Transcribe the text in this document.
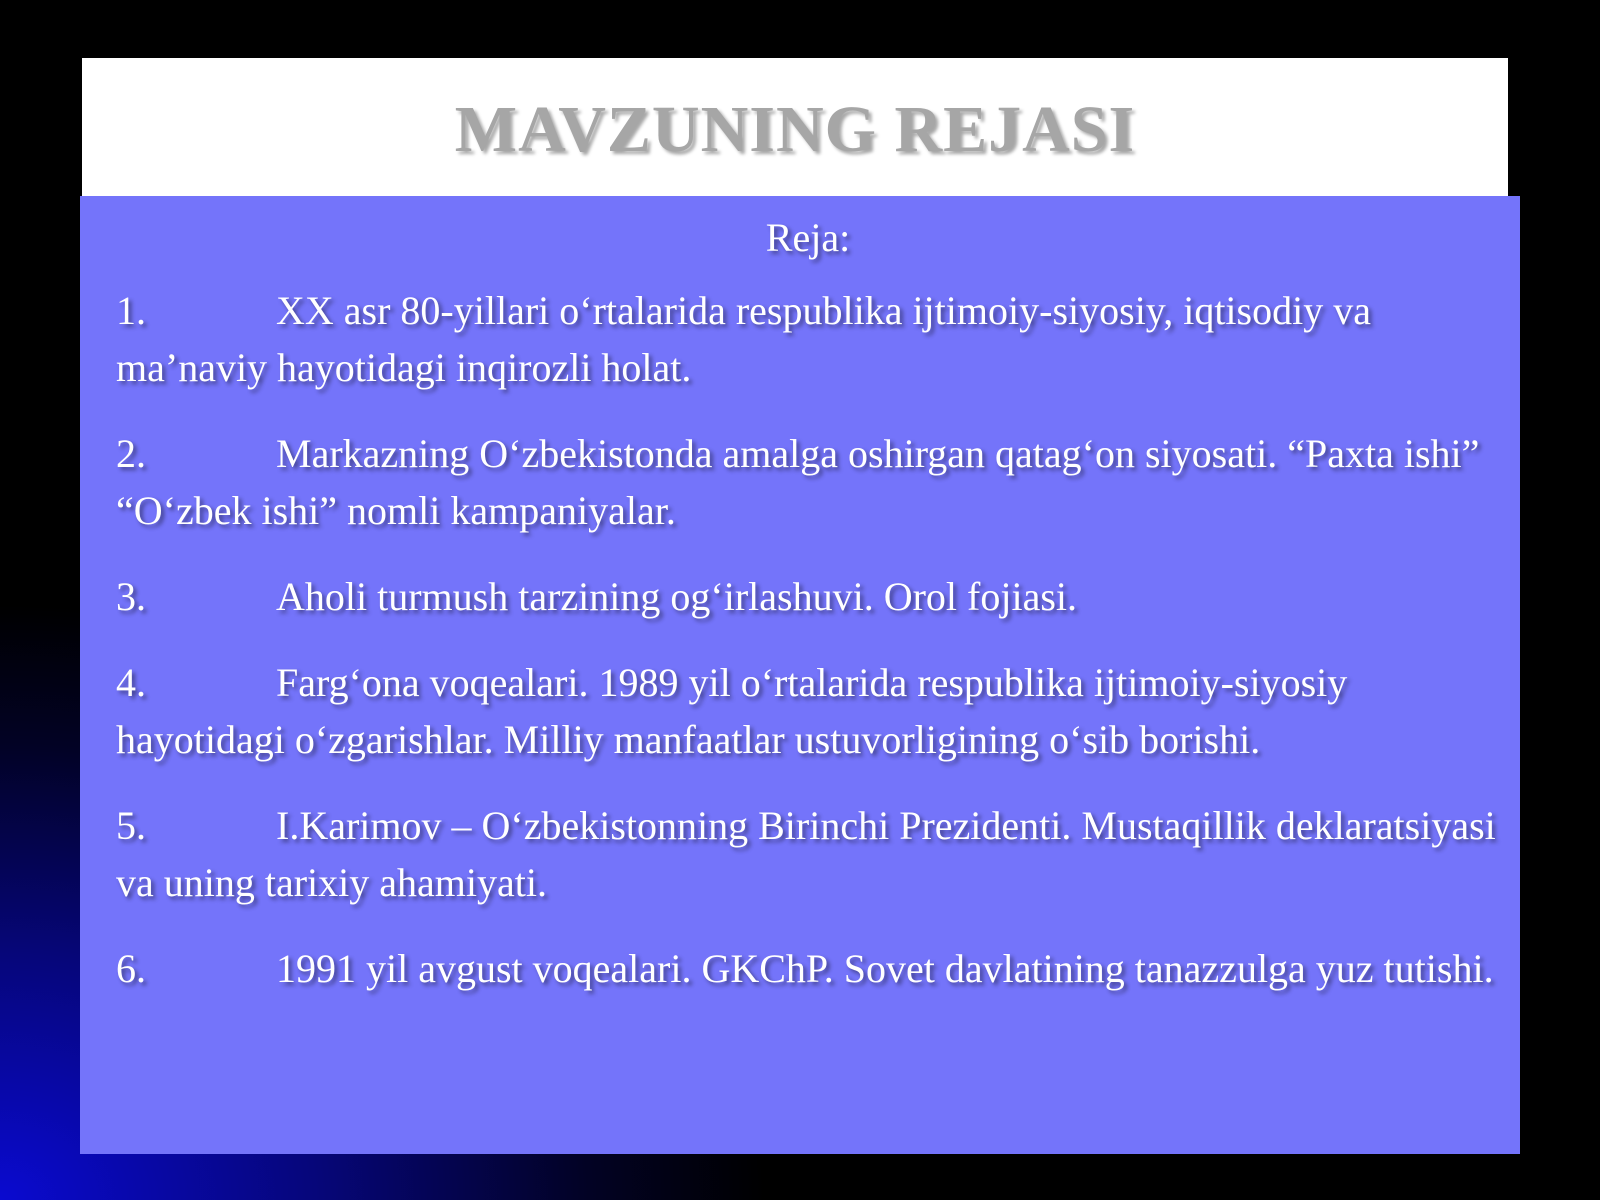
MAVZUNING REJASI

Reja:

1.	XX asr 80-yillari o‘rtalarida respublika ijtimoiy-siyosiy, iqtisodiy va ma’naviy hayotidagi inqirozli holat.
2.	Markazning O‘zbekistonda amalga oshirgan qatag‘on siyosati. “Paxta ishi” “O‘zbek ishi” nomli kampaniyalar.
3.	Aholi turmush tarzining og‘irlashuvi. Orol fojiasi.
4.	Farg‘ona voqealari. 1989 yil o‘rtalarida respublika ijtimoiy-siyosiy hayotidagi o‘zgarishlar. Milliy manfaatlar ustuvorligining o‘sib borishi.
5.	I.Karimov – O‘zbekistonning Birinchi Prezidenti. Mustaqillik deklaratsiyasi va uning tarixiy ahamiyati.
6.	1991 yil avgust voqealari. GKChP. Sovet davlatining tanazzulga yuz tutishi.
